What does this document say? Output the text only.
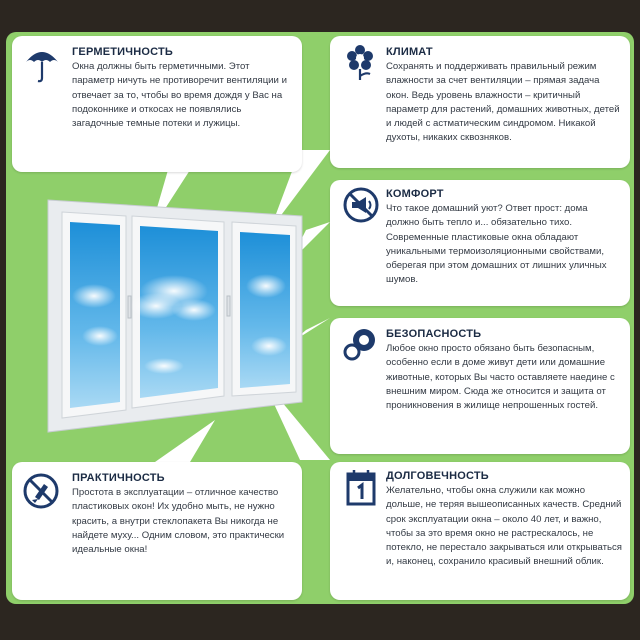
ГЕРМЕТИЧНОСТЬ
Окна должны быть герметичными. Этот параметр ничуть не противоречит вентиляции и отвечает за то, чтобы во время дождя у Вас на подоконнике и откосах не появлялись загадочные темные потеки и лужицы.
КЛИМАТ
Сохранять и поддерживать правильный режим влажности за счет вентиляции – прямая задача окон. Ведь уровень влажности – критичный параметр для растений, домашних животных, детей и людей с астматическим синдромом. Никакой духоты, никаких сквозняков.
КОМФОРТ
Что такое домашний уют? Ответ прост: дома должно быть тепло и... обязательно тихо. Современные пластиковые окна обладают уникальными термоизоляционными свойствами, оберегая при этом домашних от лишних уличных шумов.
БЕЗОПАСНОСТЬ
Любое окно просто обязано быть безопасным, особенно если в доме живут дети или домашние животные, которых Вы часто оставляете наедине с внешним миром. Сюда же относится и защита от проникновения в жилище непрошенных гостей.
ПРАКТИЧНОСТЬ
Простота в эксплуатации – отличное качество пластиковых окон! Их удобно мыть, не нужно красить, а внутри стеклопакета Вы никогда не найдете муху... Одним словом, это практически идеальные окна!
ДОЛГОВЕЧНОСТЬ
Желательно, чтобы окна служили как можно дольше, не теряя вышеописанных качеств. Средний срок эксплуатации окна – около 40 лет, и важно, чтобы за это время окно не растрескалось, не потекло, не перестало закрываться или открываться и, наконец, сохранило красивый внешний облик.
